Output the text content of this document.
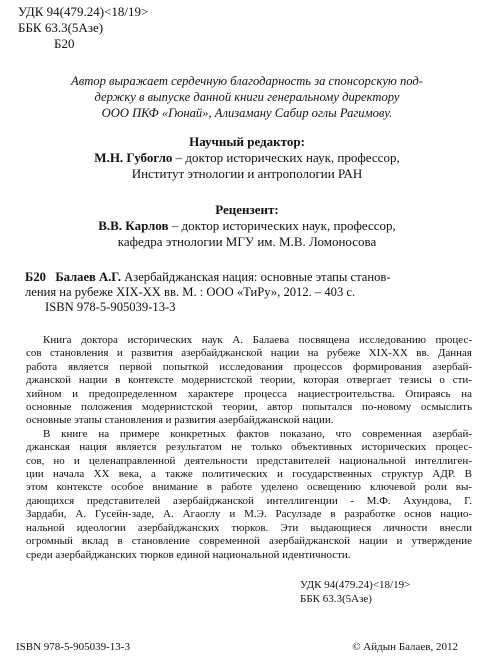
УДК 94(479.24)<18/19>
ББК 63.3(5Азе)
Б20
Автор выражает сердечную благодарность за спонсорскую под-
держку в выпуске данной книги генеральному директору
ООО ПКФ «Гюнай», Ализаману Сабир оглы Рагимову.
Научный редактор:
М.Н. Губогло – доктор исторических наук, профессор,
Институт этнологии и антропологии РАН
Рецензент:
В.В. Карлов – доктор исторических наук, профессор,
кафедра этнологии МГУ им. М.В. Ломоносова
Б20 Балаев А.Г. Азербайджанская нация: основные этапы станов-
ления на рубеже XIX-XX вв. М. : ООО «ТиРу», 2012. – 403 с.
ISBN 978-5-905039-13-3
Книга доктора исторических наук А. Балаева посвящена исследованию процес-
сов становления и развития азербайджанской нации на рубеже XIX-XX вв. Данная
работа является первой попыткой исследования процессов формирования азербай-
джанской нации в контексте модернистской теории, которая отвергает тезисы о сти-
хийном и предопределенном характере процесса нациестроительства. Опираясь на
основные положения модернистской теории, автор попытался по-новому осмыслить
основные этапы становления и развития азербайджанской нации.
В книге на примере конкретных фактов показано, что современная азербай-
джанская нация является результатом не только объективных исторических процес-
сов, но и целенаправленной деятельности представителей национальной интеллиген-
ции начала XX века, а также политических и государственных структур АДР. В
этом контексте особое внимание в работе уделено освещению ключевой роли вы-
дающихся представителей азербайджанской интеллигенции - М.Ф. Ахундова, Г.
Зардаби, А. Гусейн-заде, А. Агаоглу и М.Э. Расулзаде в разработке основ нацио-
нальной идеологии азербайджанских тюрков. Эти выдающиеся личности внесли
огромный вклад в становление современной азербайджанской нации и утверждение
среди азербайджанских тюрков единой национальной идентичности.
УДК 94(479.24)<18/19>
ББК 63.3(5Азе)
ISBN 978-5-905039-13-3	© Айдын Балаев, 2012
